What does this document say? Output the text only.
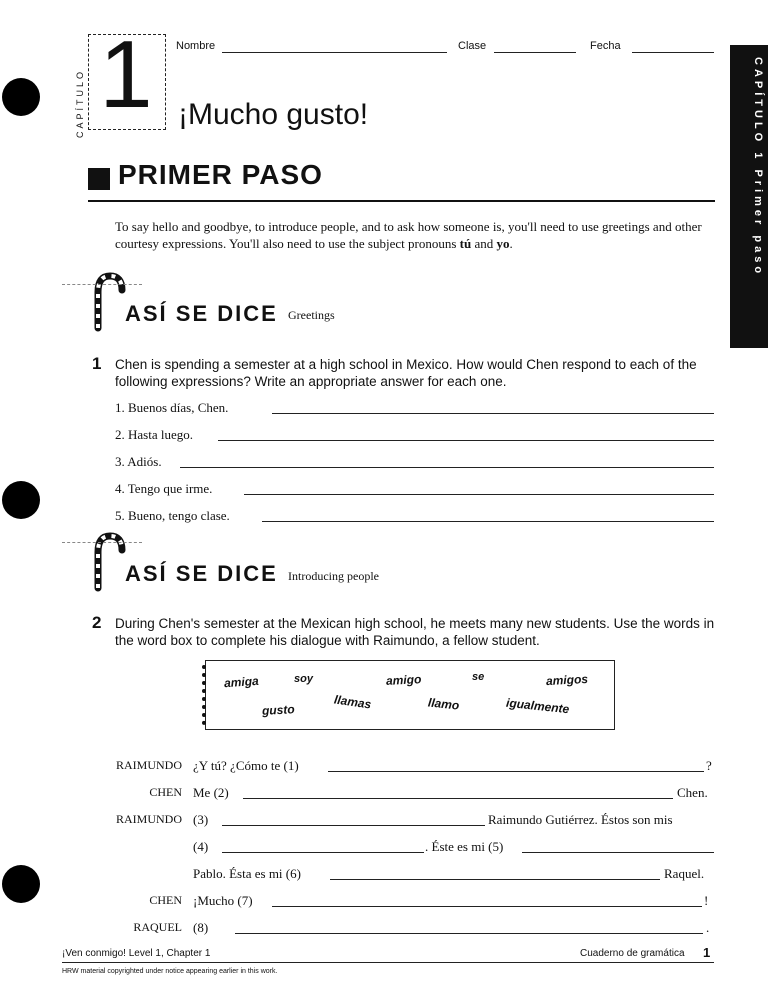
CAPÍTULO 1 Primer paso
CAPÍTULO 1	Nombre	Clase	Fecha
¡Mucho gusto!
PRIMER PASO
To say hello and goodbye, to introduce people, and to ask how someone is, you'll need to use greetings and other courtesy expressions. You'll also need to use the subject pronouns tú and yo.
ASÍ SE DICE Greetings
1 Chen is spending a semester at a high school in Mexico. How would Chen respond to each of the following expressions? Write an appropriate answer for each one.
1. Buenos días, Chen.
2. Hasta luego.
3. Adiós.
4. Tengo que irme.
5. Bueno, tengo clase.
ASÍ SE DICE Introducing people
2 During Chen's semester at the Mexican high school, he meets many new students. Use the words in the word box to complete his dialogue with Raimundo, a fellow student.
amiga	soy	amigo	se	amigos
gusto	llamas	llamo	igualmente
RAIMUNDO ¿Y tú? ¿Cómo te (1)	?
CHEN Me (2)	Chen.
RAIMUNDO (3)	Raimundo Gutiérrez. Éstos son mis
(4)	. Éste es mi (5)
Pablo. Ésta es mi (6)	Raquel.
CHEN ¡Mucho (7)	!
RAQUEL (8)	.
¡Ven conmigo! Level 1, Chapter 1	Cuaderno de gramática 1
HRW material copyrighted under notice appearing earlier in this work.
